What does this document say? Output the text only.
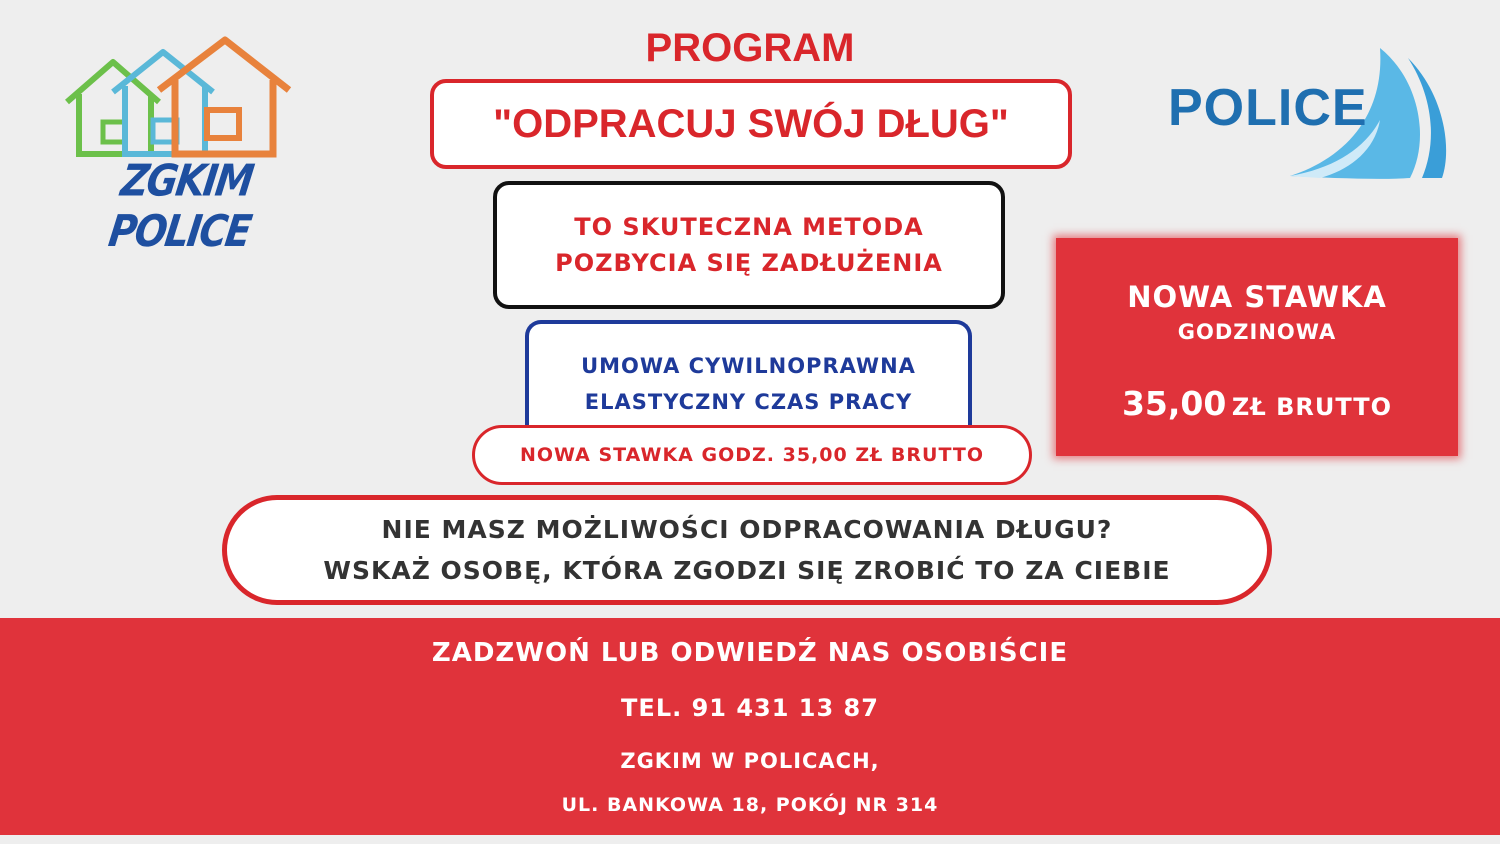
ZGKIM POLICE
POLICE
PROGRAM
"ODPRACUJ SWÓJ DŁUG"
TO SKUTECZNA METODA
POZBYCIA SIĘ ZADŁUŻENIA
UMOWA CYWILNOPRAWNA
ELASTYCZNY CZAS PRACY
NOWA STAWKA GODZ. 35,00 ZŁ BRUTTO
NIE MASZ MOŻLIWOŚCI ODPRACOWANIA DŁUGU?
WSKAŻ OSOBĘ, KTÓRA ZGODZI SIĘ ZROBIĆ TO ZA CIEBIE
NOWA STAWKA
GODZINOWA
35,00 ZŁ BRUTTO
ZADZWOŃ LUB ODWIEDŹ NAS OSOBIŚCIE
TEL. 91 431 13 87
ZGKIM W POLICACH,
UL. BANKOWA 18, POKÓJ NR 314
